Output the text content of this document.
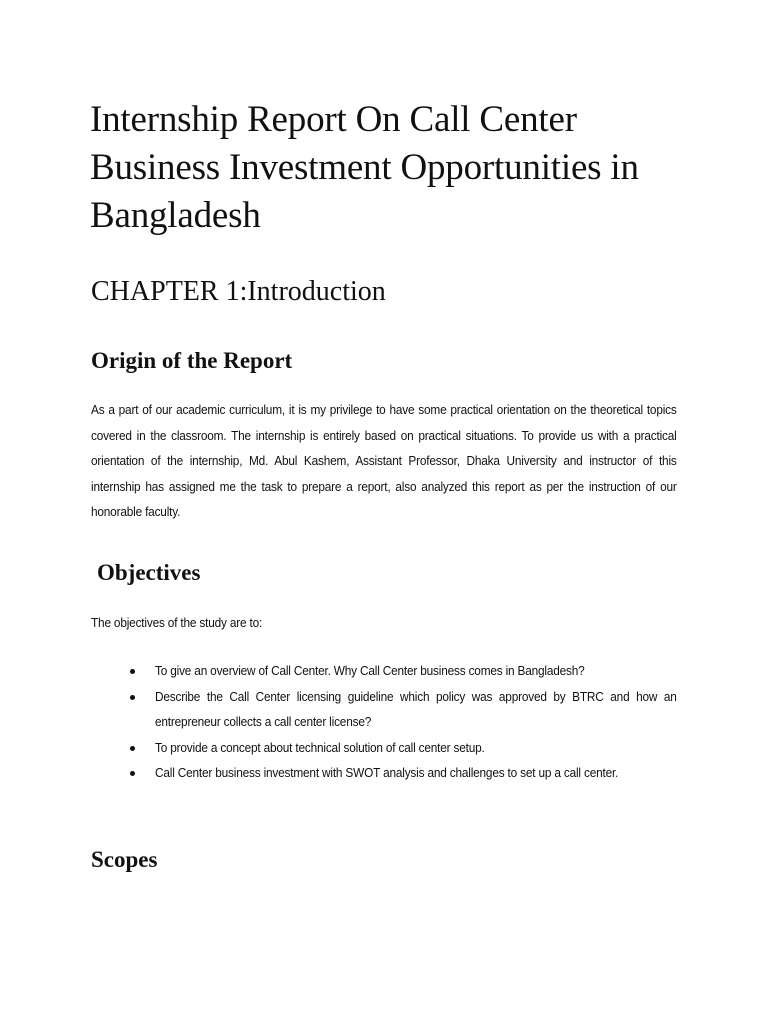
Internship Report On Call Center Business Investment Opportunities in Bangladesh
CHAPTER 1:Introduction
Origin of the Report

As a part of our academic curriculum, it is my privilege to have some practical orientation on the theoretical topics covered in the classroom. The internship is entirely based on practical situations. To provide us with a practical orientation of the internship, Md. Abul Kashem, Assistant Professor, Dhaka University and instructor of this internship has assigned me the task to prepare a report, also analyzed this report as per the instruction of our honorable faculty.

Objectives

The objectives of the study are to:

To give an overview of Call Center. Why Call Center business comes in Bangladesh?
Describe the Call Center licensing guideline which policy was approved by BTRC and how an entrepreneur collects a call center license?
To provide a concept about technical solution of call center setup.
Call Center business investment with SWOT analysis and challenges to set up a call center.
Scopes
